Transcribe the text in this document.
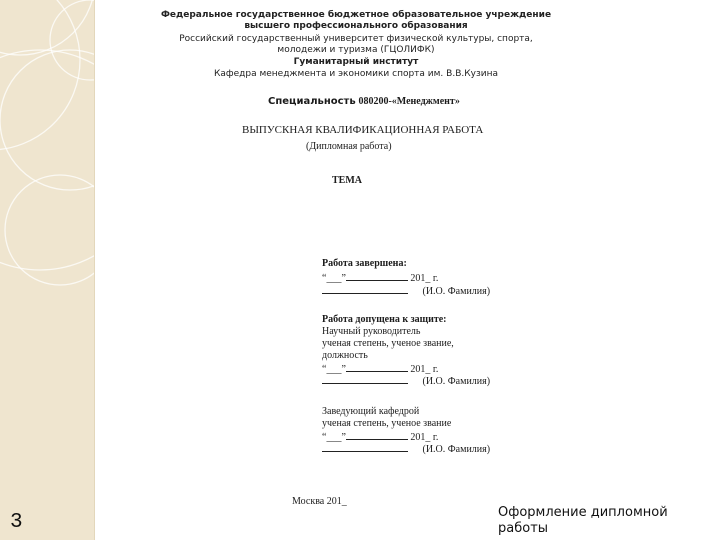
3	Оформление дипломной работы
Федеральное государственное бюджетное образовательное учреждение
высшего профессионального образования
Российский государственный университет физической культуры, спорта,
молодежи и туризма (ГЦОЛИФК)
Гуманитарный институт
Кафедра менеджмента и экономики спорта им. В.В.Кузина
Специальность 080200-«Менеджмент»
ВЫПУСКНАЯ КВАЛИФИКАЦИОННАЯ РАБОТА
(Дипломная работа)
ТЕМА
Работа завершена:
“___”	201_ г.
(И.О. Фамилия)
Работа допущена к защите:
Научный руководитель
ученая степень, ученое звание,
должность
“___”	201_ г.
(И.О. Фамилия)
Заведующий кафедрой
ученая степень, ученое звание
“___”	201_ г.
(И.О. Фамилия)
Москва 201_
